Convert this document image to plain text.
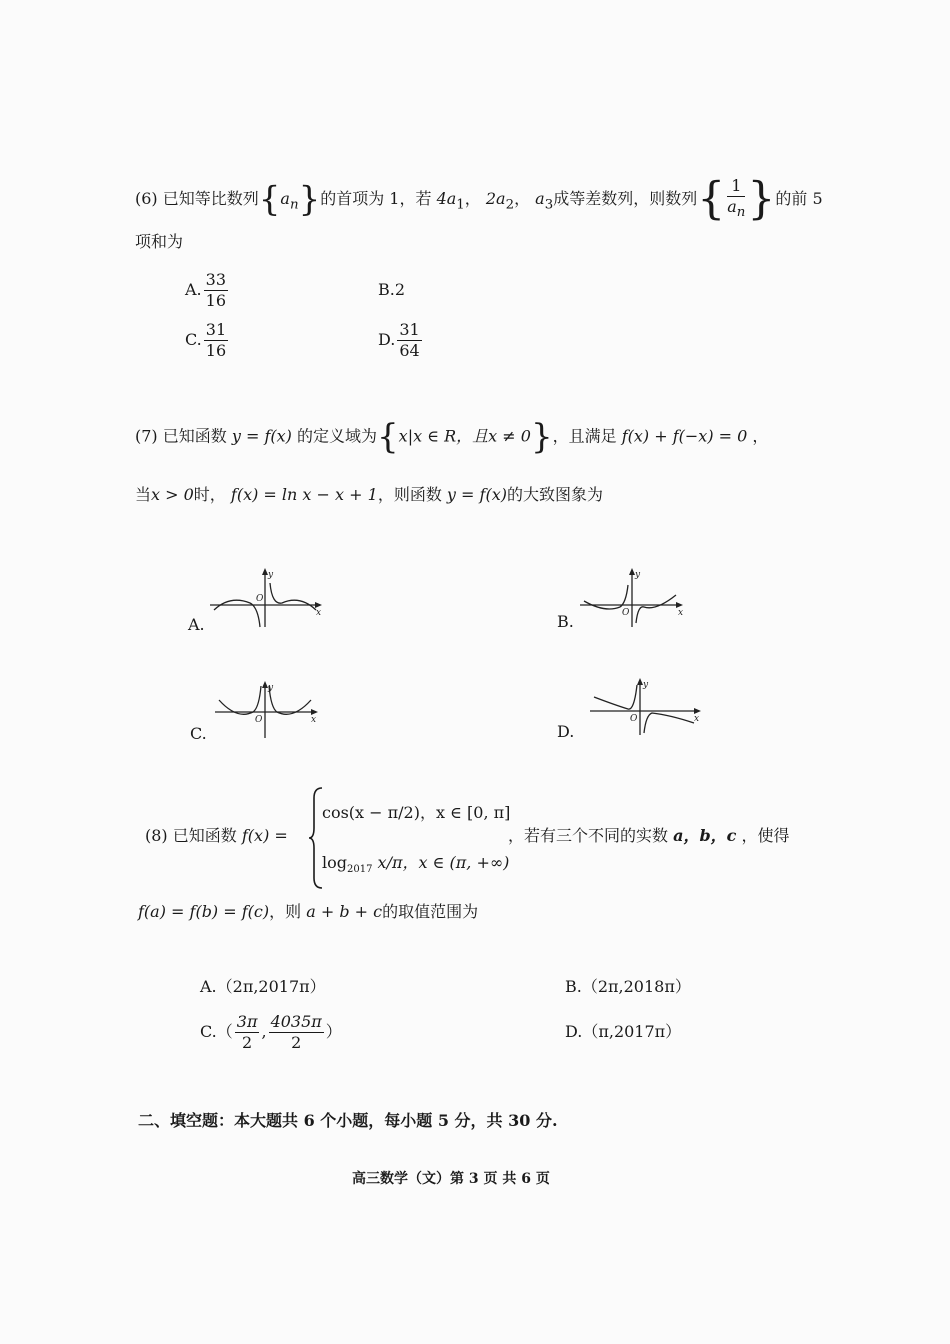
(6) 已知等比数列$\{a_n\}$的首项为 1，若 $4a_1$， $2a_2$， $a_3$成等差数列，则数列{ $\frac{1}{a_n}$ }的前 5
项和为
A. $\frac{33}{16}$	B.2
C. $\frac{31}{16}$	D. $\frac{31}{64}$
(7) 已知函数 y = f(x) 的定义域为{x|x ∈ R，且x ≠ 0}，且满足 f(x) + f(−x) = 0 ，
当x > 0时， f(x) = ln x − x + 1，则函数 y = f(x)的大致图象为
A.
y
x
O
B.
y
x
O
C.
y
x
O
D.
y
x
O
(8) 已知函数 f(x) =
cos(x − π/2)，x ∈ [0, π]
$\log_{2017} x/\pi$，x ∈ (π, +∞)
，若有三个不同的实数 a，b，c ，使得
f(a) = f(b) = f(c)，则 a + b + c的取值范围为
A.（2π,2017π）	B.（2π,2018π）
$C.( \frac{3\pi}{2}$ , $\frac{4035\pi}{2}$ ）	D.（π,2017π）
二、填空题：本大题共 6 个小题，每小题 5 分，共 30 分.
高三数学（文）第 3 页 共 6 页
